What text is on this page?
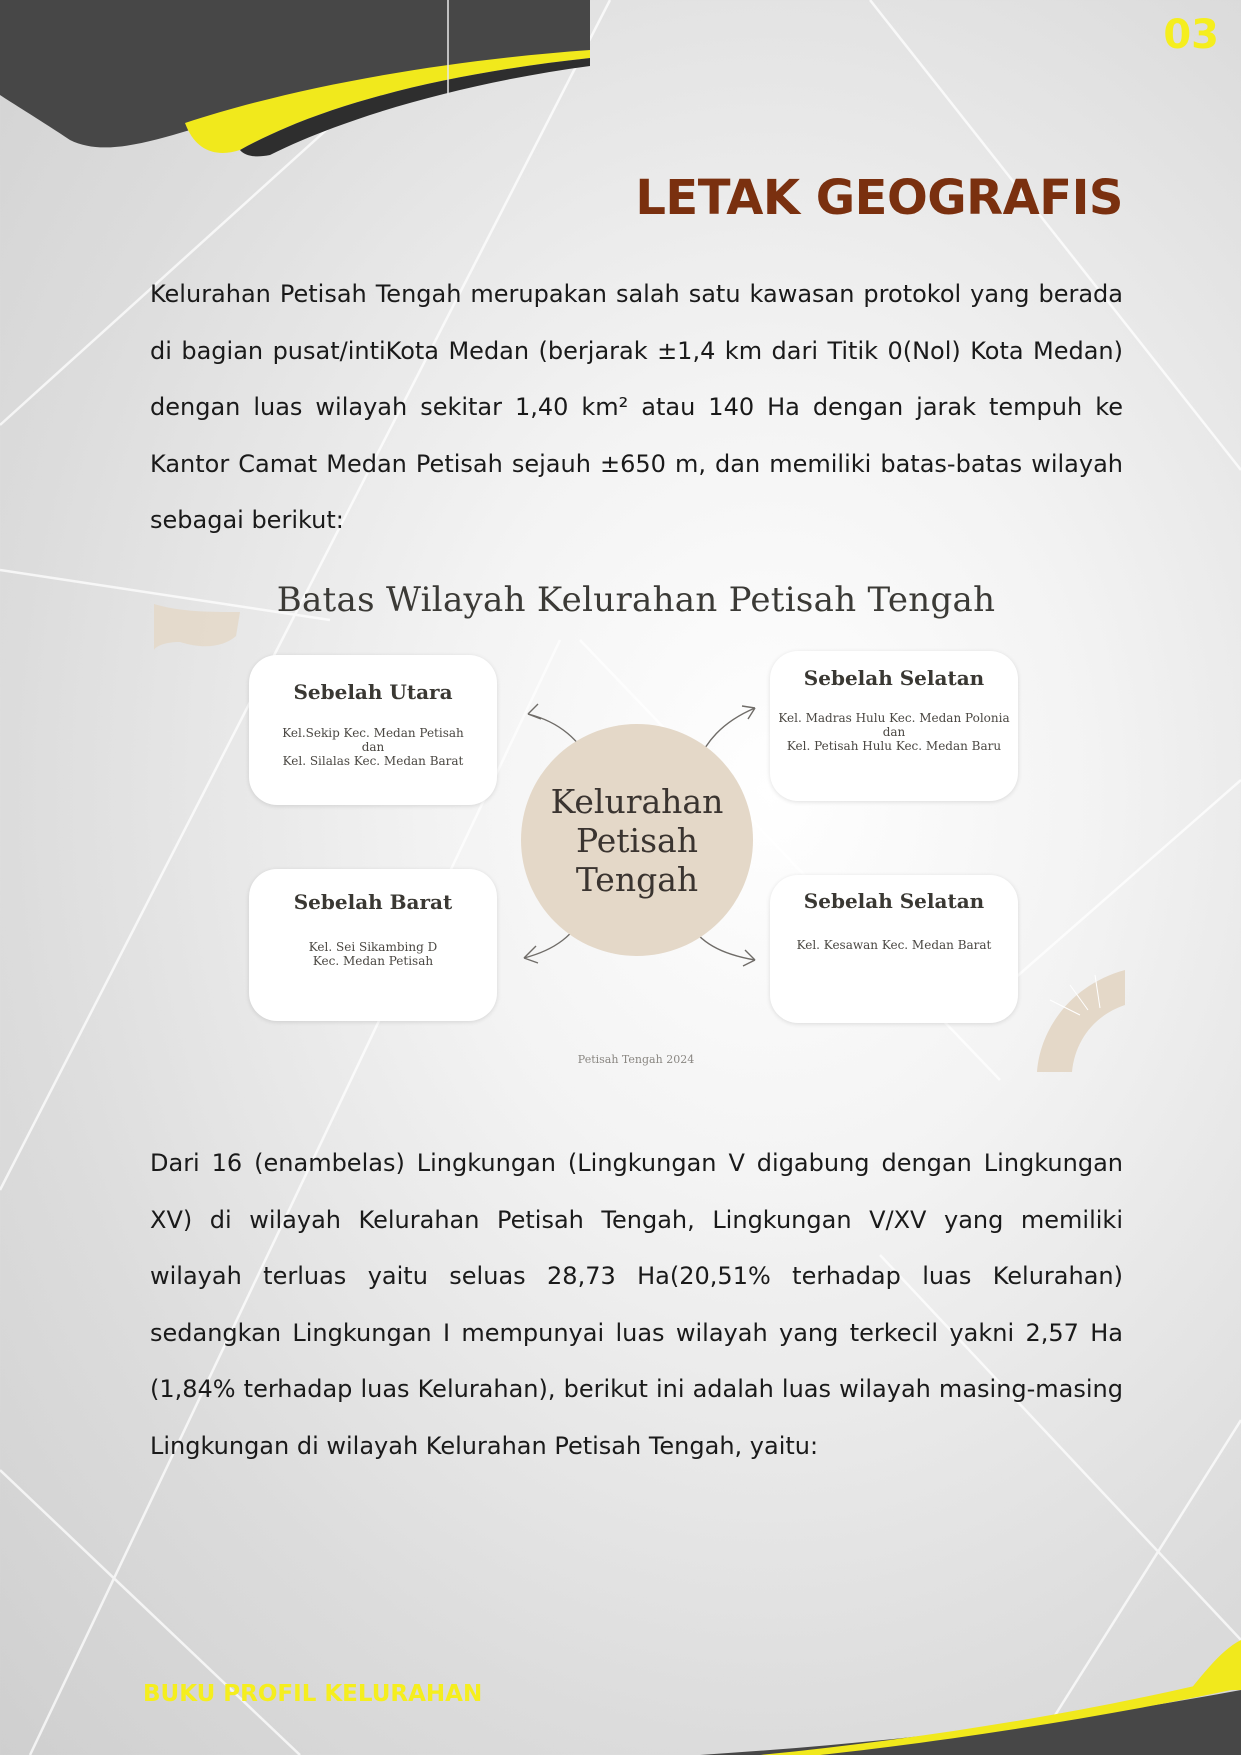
03
LETAK GEOGRAFIS

Kelurahan Petisah Tengah merupakan salah satu kawasan protokol yang berada di bagian pusat/intiKota Medan (berjarak ±1,4 km dari Titik 0(Nol) Kota Medan) dengan luas wilayah sekitar 1,40 km² atau 140 Ha dengan jarak tempuh ke Kantor Camat Medan Petisah sejauh ±650 m, dan memiliki batas-batas wilayah sebagai berikut:

Batas Wilayah Kelurahan Petisah Tengah
Sebelah Utara
Kel.Sekip Kec. Medan Petisah
dan
Kel. Silalas Kec. Medan Barat
Sebelah Selatan
Kel. Madras Hulu Kec. Medan Polonia
dan
Kel. Petisah Hulu Kec. Medan Baru
Kelurahan
Petisah
Tengah
Sebelah Barat
Kel. Sei Sikambing D
Kec. Medan Petisah
Sebelah Selatan
Kel. Kesawan Kec. Medan Barat
Petisah Tengah 2024

Dari 16 (enambelas) Lingkungan (Lingkungan V digabung dengan Lingkungan XV) di wilayah Kelurahan Petisah Tengah, Lingkungan V/XV yang memiliki wilayah terluas yaitu seluas 28,73 Ha(20,51% terhadap luas Kelurahan) sedangkan Lingkungan I mempunyai luas wilayah yang terkecil yakni 2,57 Ha (1,84% terhadap luas Kelurahan), berikut ini adalah luas wilayah masing-masing Lingkungan di wilayah Kelurahan Petisah Tengah, yaitu:

BUKU PROFIL KELURAHAN
